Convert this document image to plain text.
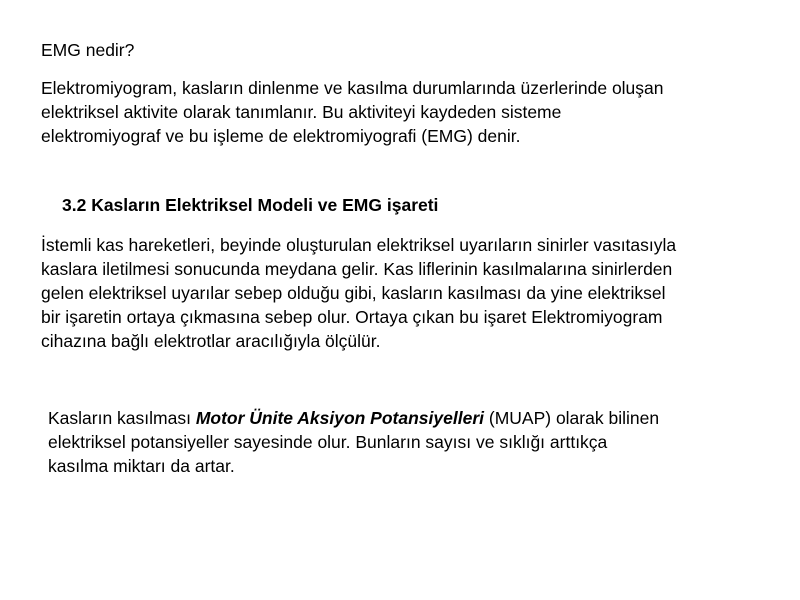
EMG nedir?
Elektromiyogram, kasların dinlenme ve kasılma durumlarında üzerlerinde oluşan
elektriksel aktivite olarak tanımlanır. Bu aktiviteyi kaydeden sisteme
elektromiyograf ve bu işleme de elektromiyografi (EMG) denir.
3.2 Kasların Elektriksel Modeli ve EMG işareti
İstemli kas hareketleri, beyinde oluşturulan elektriksel uyarıların sinirler vasıtasıyla
kaslara iletilmesi sonucunda meydana gelir. Kas liflerinin kasılmalarına sinirlerden
gelen elektriksel uyarılar sebep olduğu gibi, kasların kasılması da yine elektriksel
bir işaretin ortaya çıkmasına sebep olur. Ortaya çıkan bu işaret Elektromiyogram
cihazına bağlı elektrotlar aracılığıyla ölçülür.
Kasların kasılması Motor Ünite Aksiyon Potansiyelleri (MUAP) olarak bilinen
elektriksel potansiyeller sayesinde olur. Bunların sayısı ve sıklığı arttıkça
kasılma miktarı da artar.
